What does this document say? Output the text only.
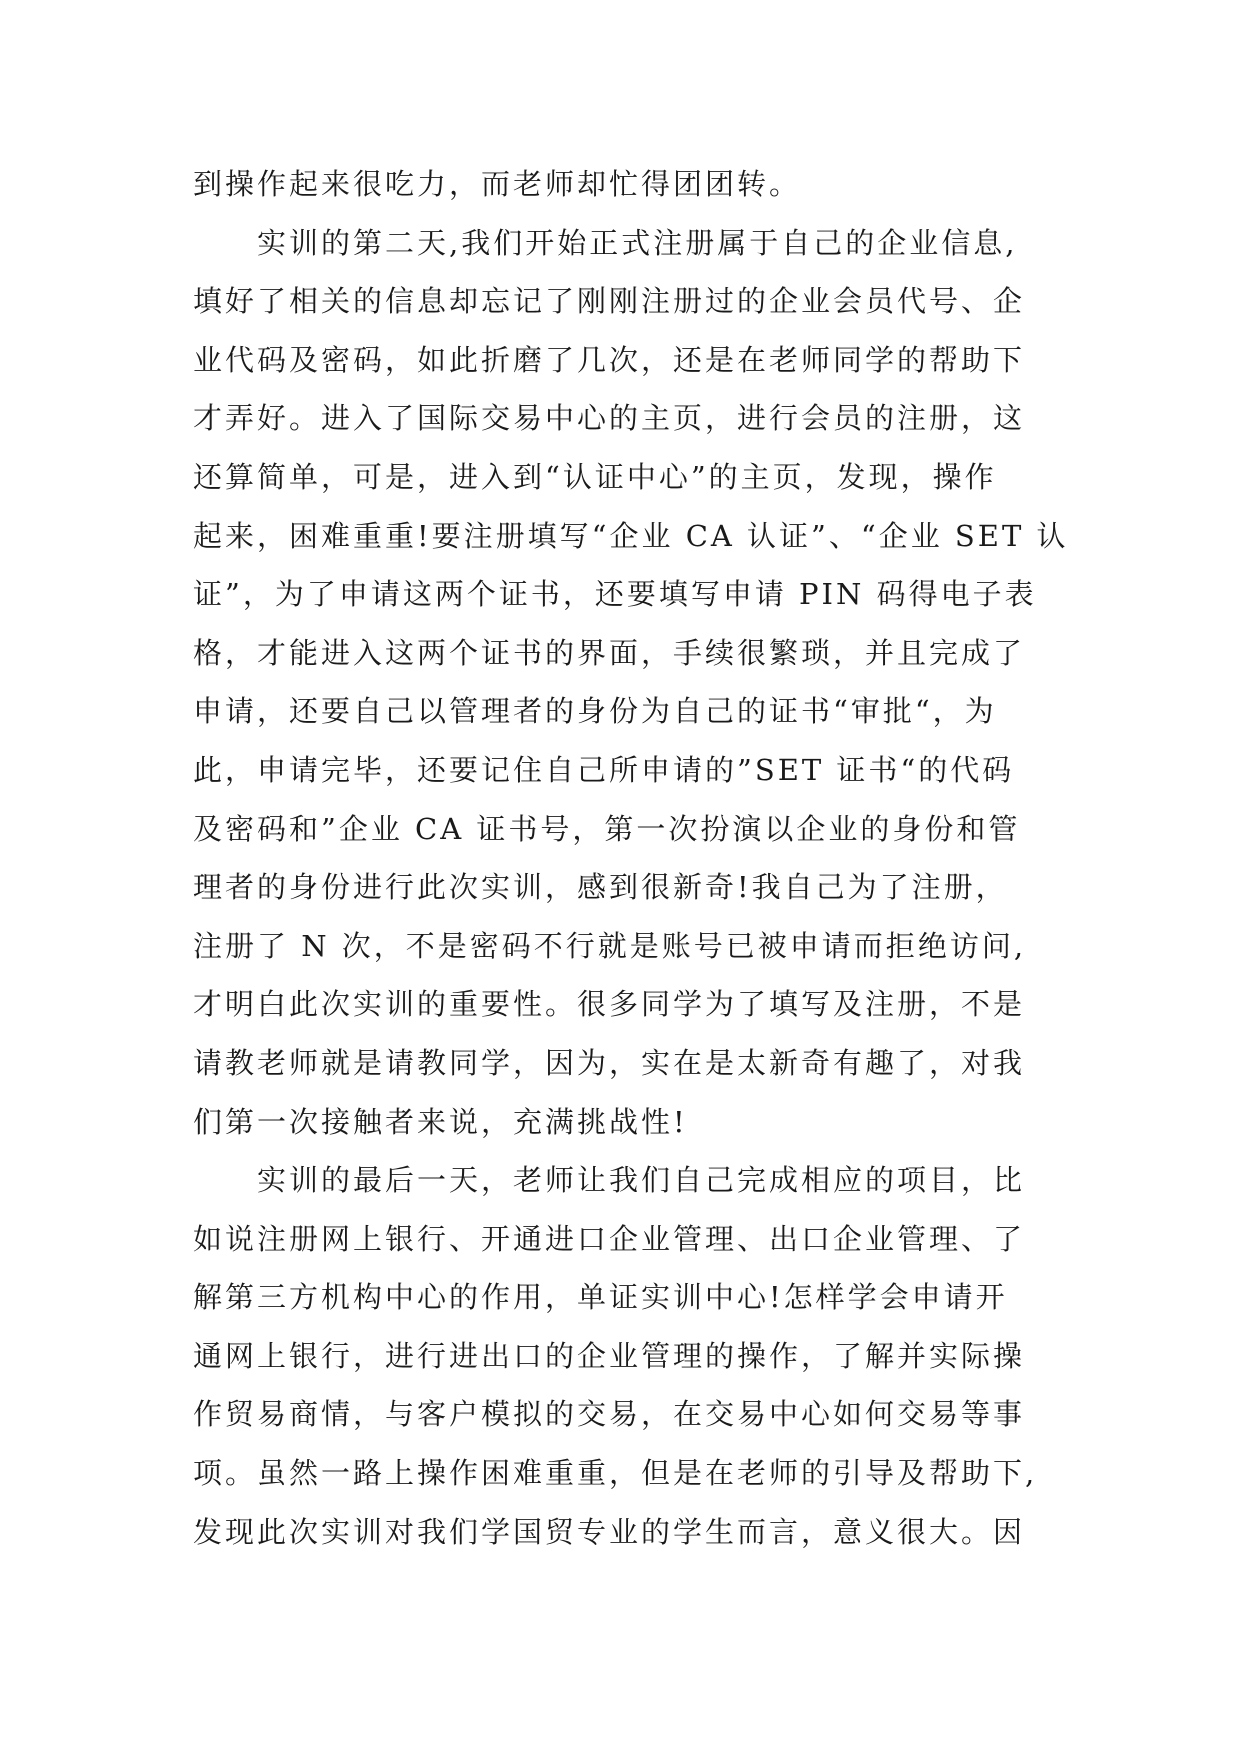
到操作起来很吃力，而老师却忙得团团转。
　　实训的第二天,我们开始正式注册属于自己的企业信息,
填好了相关的信息却忘记了刚刚注册过的企业会员代号、企
业代码及密码，如此折磨了几次，还是在老师同学的帮助下
才弄好。进入了国际交易中心的主页，进行会员的注册，这
还算简单，可是，进入到“认证中心”的主页，发现，操作
起来，困难重重!要注册填写“企业 CA 认证”、“企业 SET 认
证”，为了申请这两个证书，还要填写申请 PIN 码得电子表
格，才能进入这两个证书的界面，手续很繁琐，并且完成了
申请，还要自己以管理者的身份为自己的证书“审批“，为
此，申请完毕，还要记住自己所申请的”SET 证书“的代码
及密码和”企业 CA 证书号，第一次扮演以企业的身份和管
理者的身份进行此次实训，感到很新奇!我自己为了注册，
注册了 N 次，不是密码不行就是账号已被申请而拒绝访问,
才明白此次实训的重要性。很多同学为了填写及注册，不是
请教老师就是请教同学，因为，实在是太新奇有趣了，对我
们第一次接触者来说，充满挑战性!
　　实训的最后一天，老师让我们自己完成相应的项目，比
如说注册网上银行、开通进口企业管理、出口企业管理、了
解第三方机构中心的作用，单证实训中心!怎样学会申请开
通网上银行，进行进出口的企业管理的操作，了解并实际操
作贸易商情，与客户模拟的交易，在交易中心如何交易等事
项。虽然一路上操作困难重重，但是在老师的引导及帮助下,
发现此次实训对我们学国贸专业的学生而言，意义很大。因
